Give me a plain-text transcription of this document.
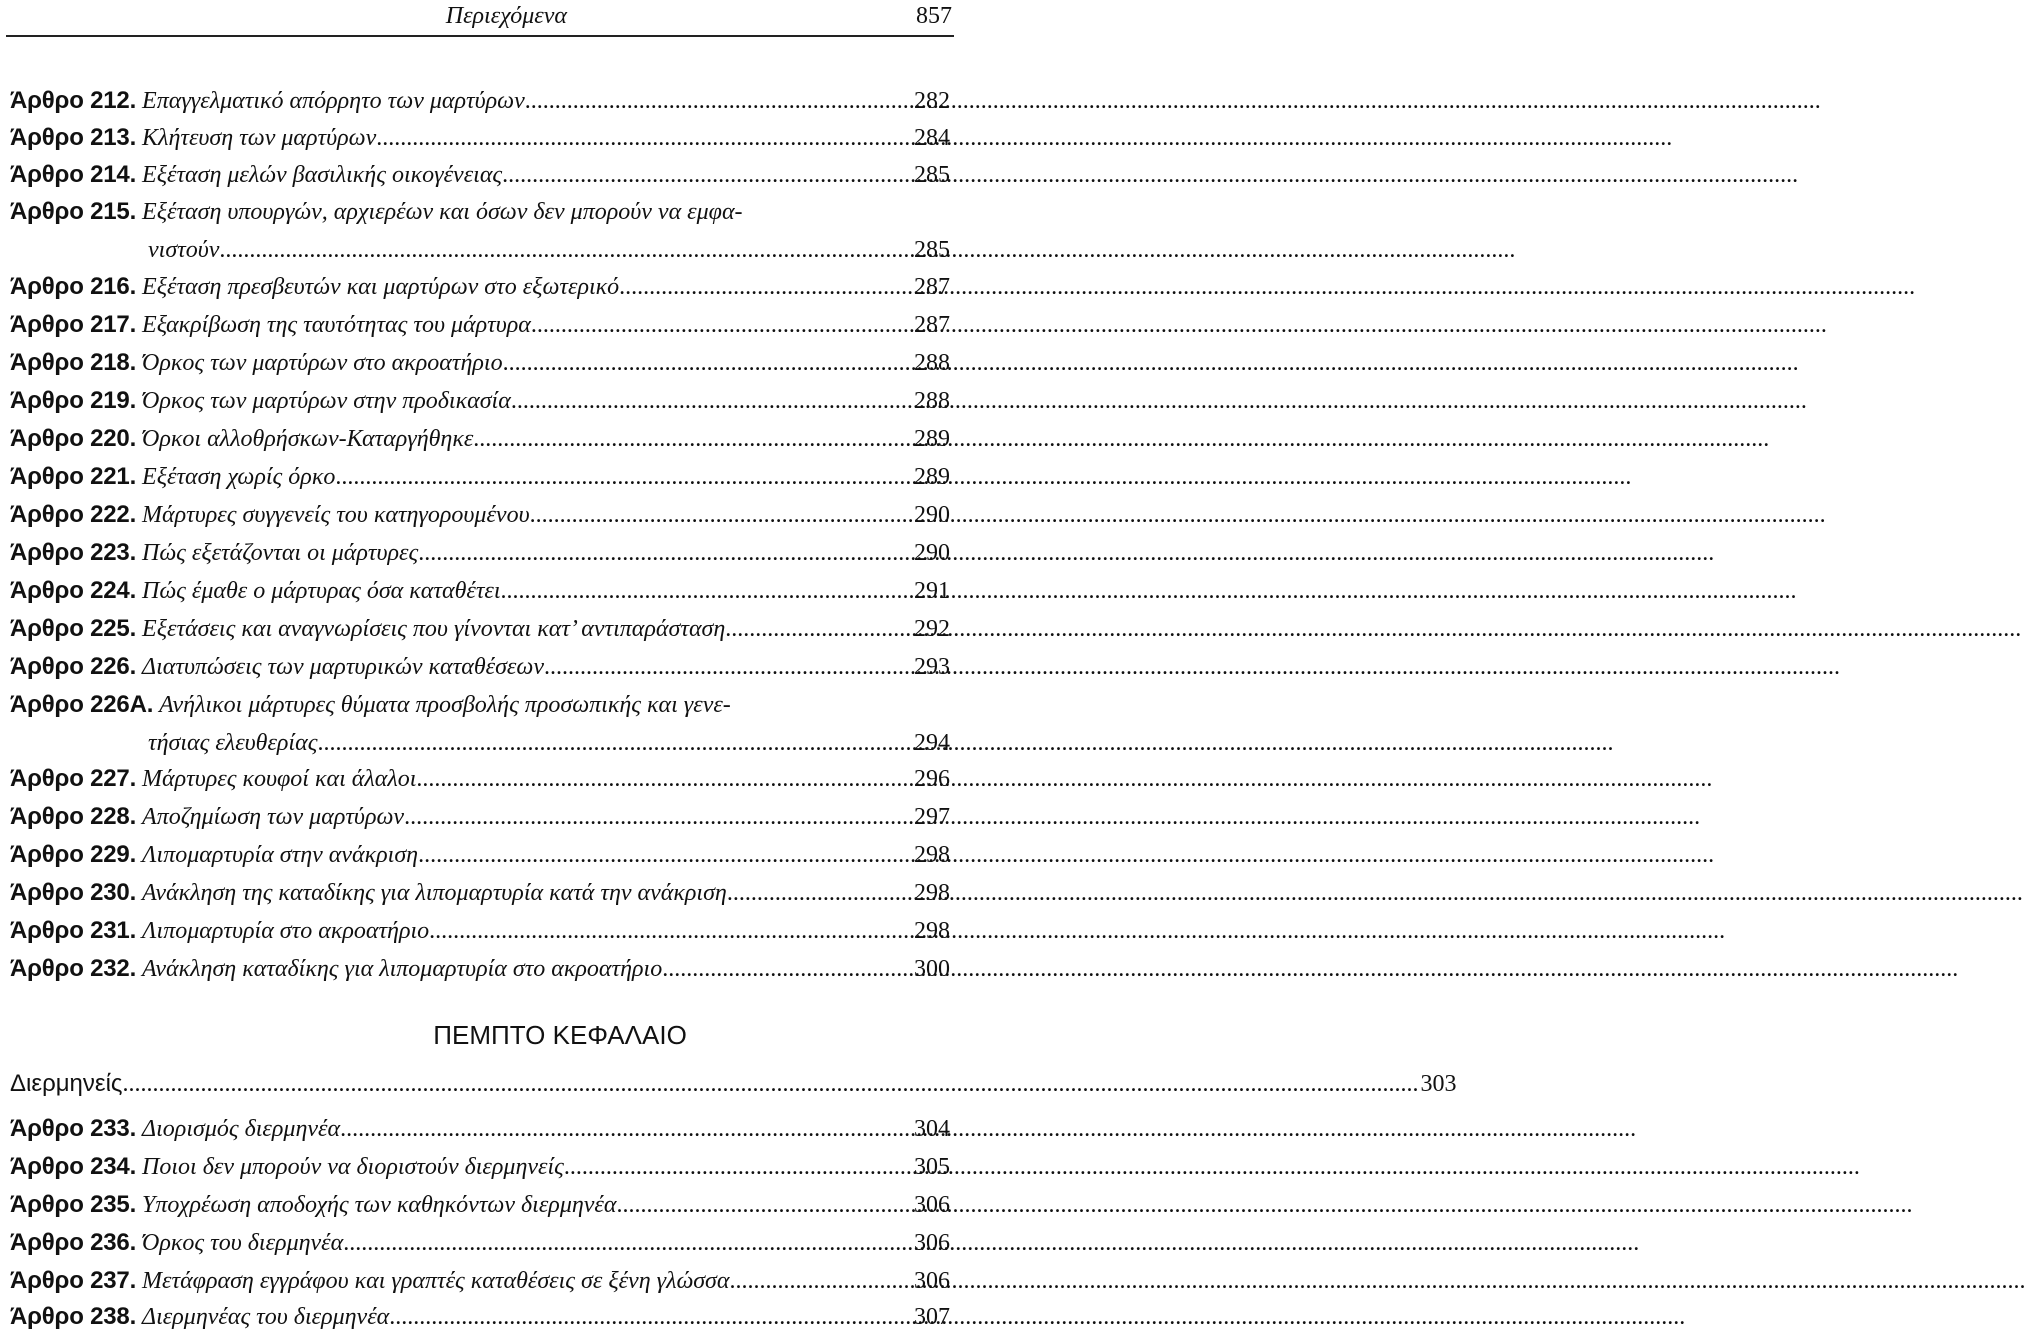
Περιεχόμενα	857
Άρθρο 212. Επαγγελματικό απόρρητο των μαρτύρων .....	282
Άρθρο 213. Κλήτευση των μαρτύρων .....	284
Άρθρο 214. Εξέταση μελών βασιλικής οικογένειας .....	285
Άρθρο 215. Εξέταση υπουργών, αρχιερέων και όσων δεν μπορούν να εμφα-
νιστούν .....	285
Άρθρο 216. Εξέταση πρεσβευτών και μαρτύρων στο εξωτερικό .....	287
Άρθρο 217. Εξακρίβωση της ταυτότητας του μάρτυρα .....	287
Άρθρο 218. Όρκος των μαρτύρων στο ακροατήριο .....	288
Άρθρο 219. Όρκος των μαρτύρων στην προδικασία .....	288
Άρθρο 220. Όρκοι αλλοθρήσκων-Καταργήθηκε .....	289
Άρθρο 221. Εξέταση χωρίς όρκο .....	289
Άρθρο 222. Μάρτυρες συγγενείς του κατηγορουμένου .....	290
Άρθρο 223. Πώς εξετάζονται οι μάρτυρες .....	290
Άρθρο 224. Πώς έμαθε ο μάρτυρας όσα καταθέτει .....	291
Άρθρο 225. Εξετάσεις και αναγνωρίσεις που γίνονται κατ’ αντιπαράσταση .....	292
Άρθρο 226. Διατυπώσεις των μαρτυρικών καταθέσεων .....	293
Άρθρο 226Α. Ανήλικοι μάρτυρες θύματα προσβολής προσωπικής και γενε-
τήσιας ελευθερίας .....	294
Άρθρο 227. Μάρτυρες κουφοί και άλαλοι .....	296
Άρθρο 228. Αποζημίωση των μαρτύρων .....	297
Άρθρο 229. Λιπομαρτυρία στην ανάκριση .....	298
Άρθρο 230. Ανάκληση της καταδίκης για λιπομαρτυρία κατά την ανάκριση .....	298
Άρθρο 231. Λιπομαρτυρία στο ακροατήριο .....	298
Άρθρο 232. Ανάκληση καταδίκης για λιπομαρτυρία στο ακροατήριο .....	300
ΠΕΜΠΤΟ ΚΕΦΑΛΑΙΟ
Διερμηνείς .....	303
Άρθρο 233. Διορισμός διερμηνέα .....	304
Άρθρο 234. Ποιοι δεν μπορούν να διοριστούν διερμηνείς .....	305
Άρθρο 235. Υποχρέωση αποδοχής των καθηκόντων διερμηνέα .....	306
Άρθρο 236. Όρκος του διερμηνέα .....	306
Άρθρο 237. Μετάφραση εγγράφου και γραπτές καταθέσεις σε ξένη γλώσσα .....	306
Άρθρο 238. Διερμηνέας του διερμηνέα .....	307
